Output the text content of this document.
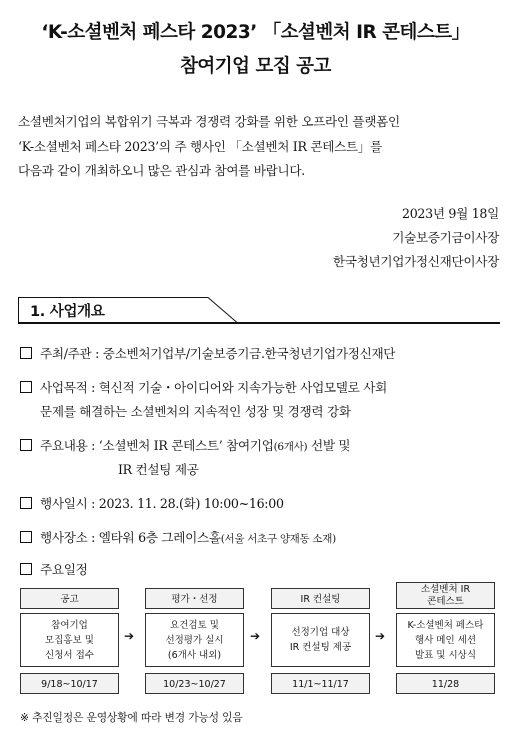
‘K-소셜벤처 페스타 2023’ 「소셜벤처 IR 콘테스트」
참여기업 모집 공고
소셜벤처기업의 복합위기 극복과 경쟁력 강화를 위한 오프라인 플랫폼인
‘K-소셜벤처 페스타 2023’의 주 행사인 「소셜벤처 IR 콘테스트」를
다음과 같이 개최하오니 많은 관심과 참여를 바랍니다.
2023년 9월 18일
기술보증기금이사장
한국청년기업가정신재단이사장
1. 사업개요
주최/주관 : 중소벤처기업부/기술보증기금.한국청년기업가정신재단
사업목적 : 혁신적 기술・아이디어와 지속가능한 사업모델로 사회
문제를 해결하는 소셜벤처의 지속적인 성장 및 경쟁력 강화
주요내용 : ‘소셜벤처 IR 콘테스트’ 참여기업(6개사) 선발 및
IR 컨설팅 제공
행사일시 : 2023. 11. 28.(화) 10:00~16:00
행사장소 : 엘타워 6층 그레이스홀(서울 서초구 양재동 소재)
주요일정
공고
참여기업
모집홍보 및
신청서 접수
9/18~10/17
➔
평가・선정
요건검토 및
선정평가 실시
(6개사 내외)
10/23~10/27
➔
IR 컨설팅
선정기업 대상
IR 컨설팅 제공
11/1~11/17
➔
소셜벤처 IR
콘테스트
K-소셜벤처 페스타
행사 메인 세션
발표 및 시상식
11/28
※ 추진일정은 운영상황에 따라 변경 가능성 있음
